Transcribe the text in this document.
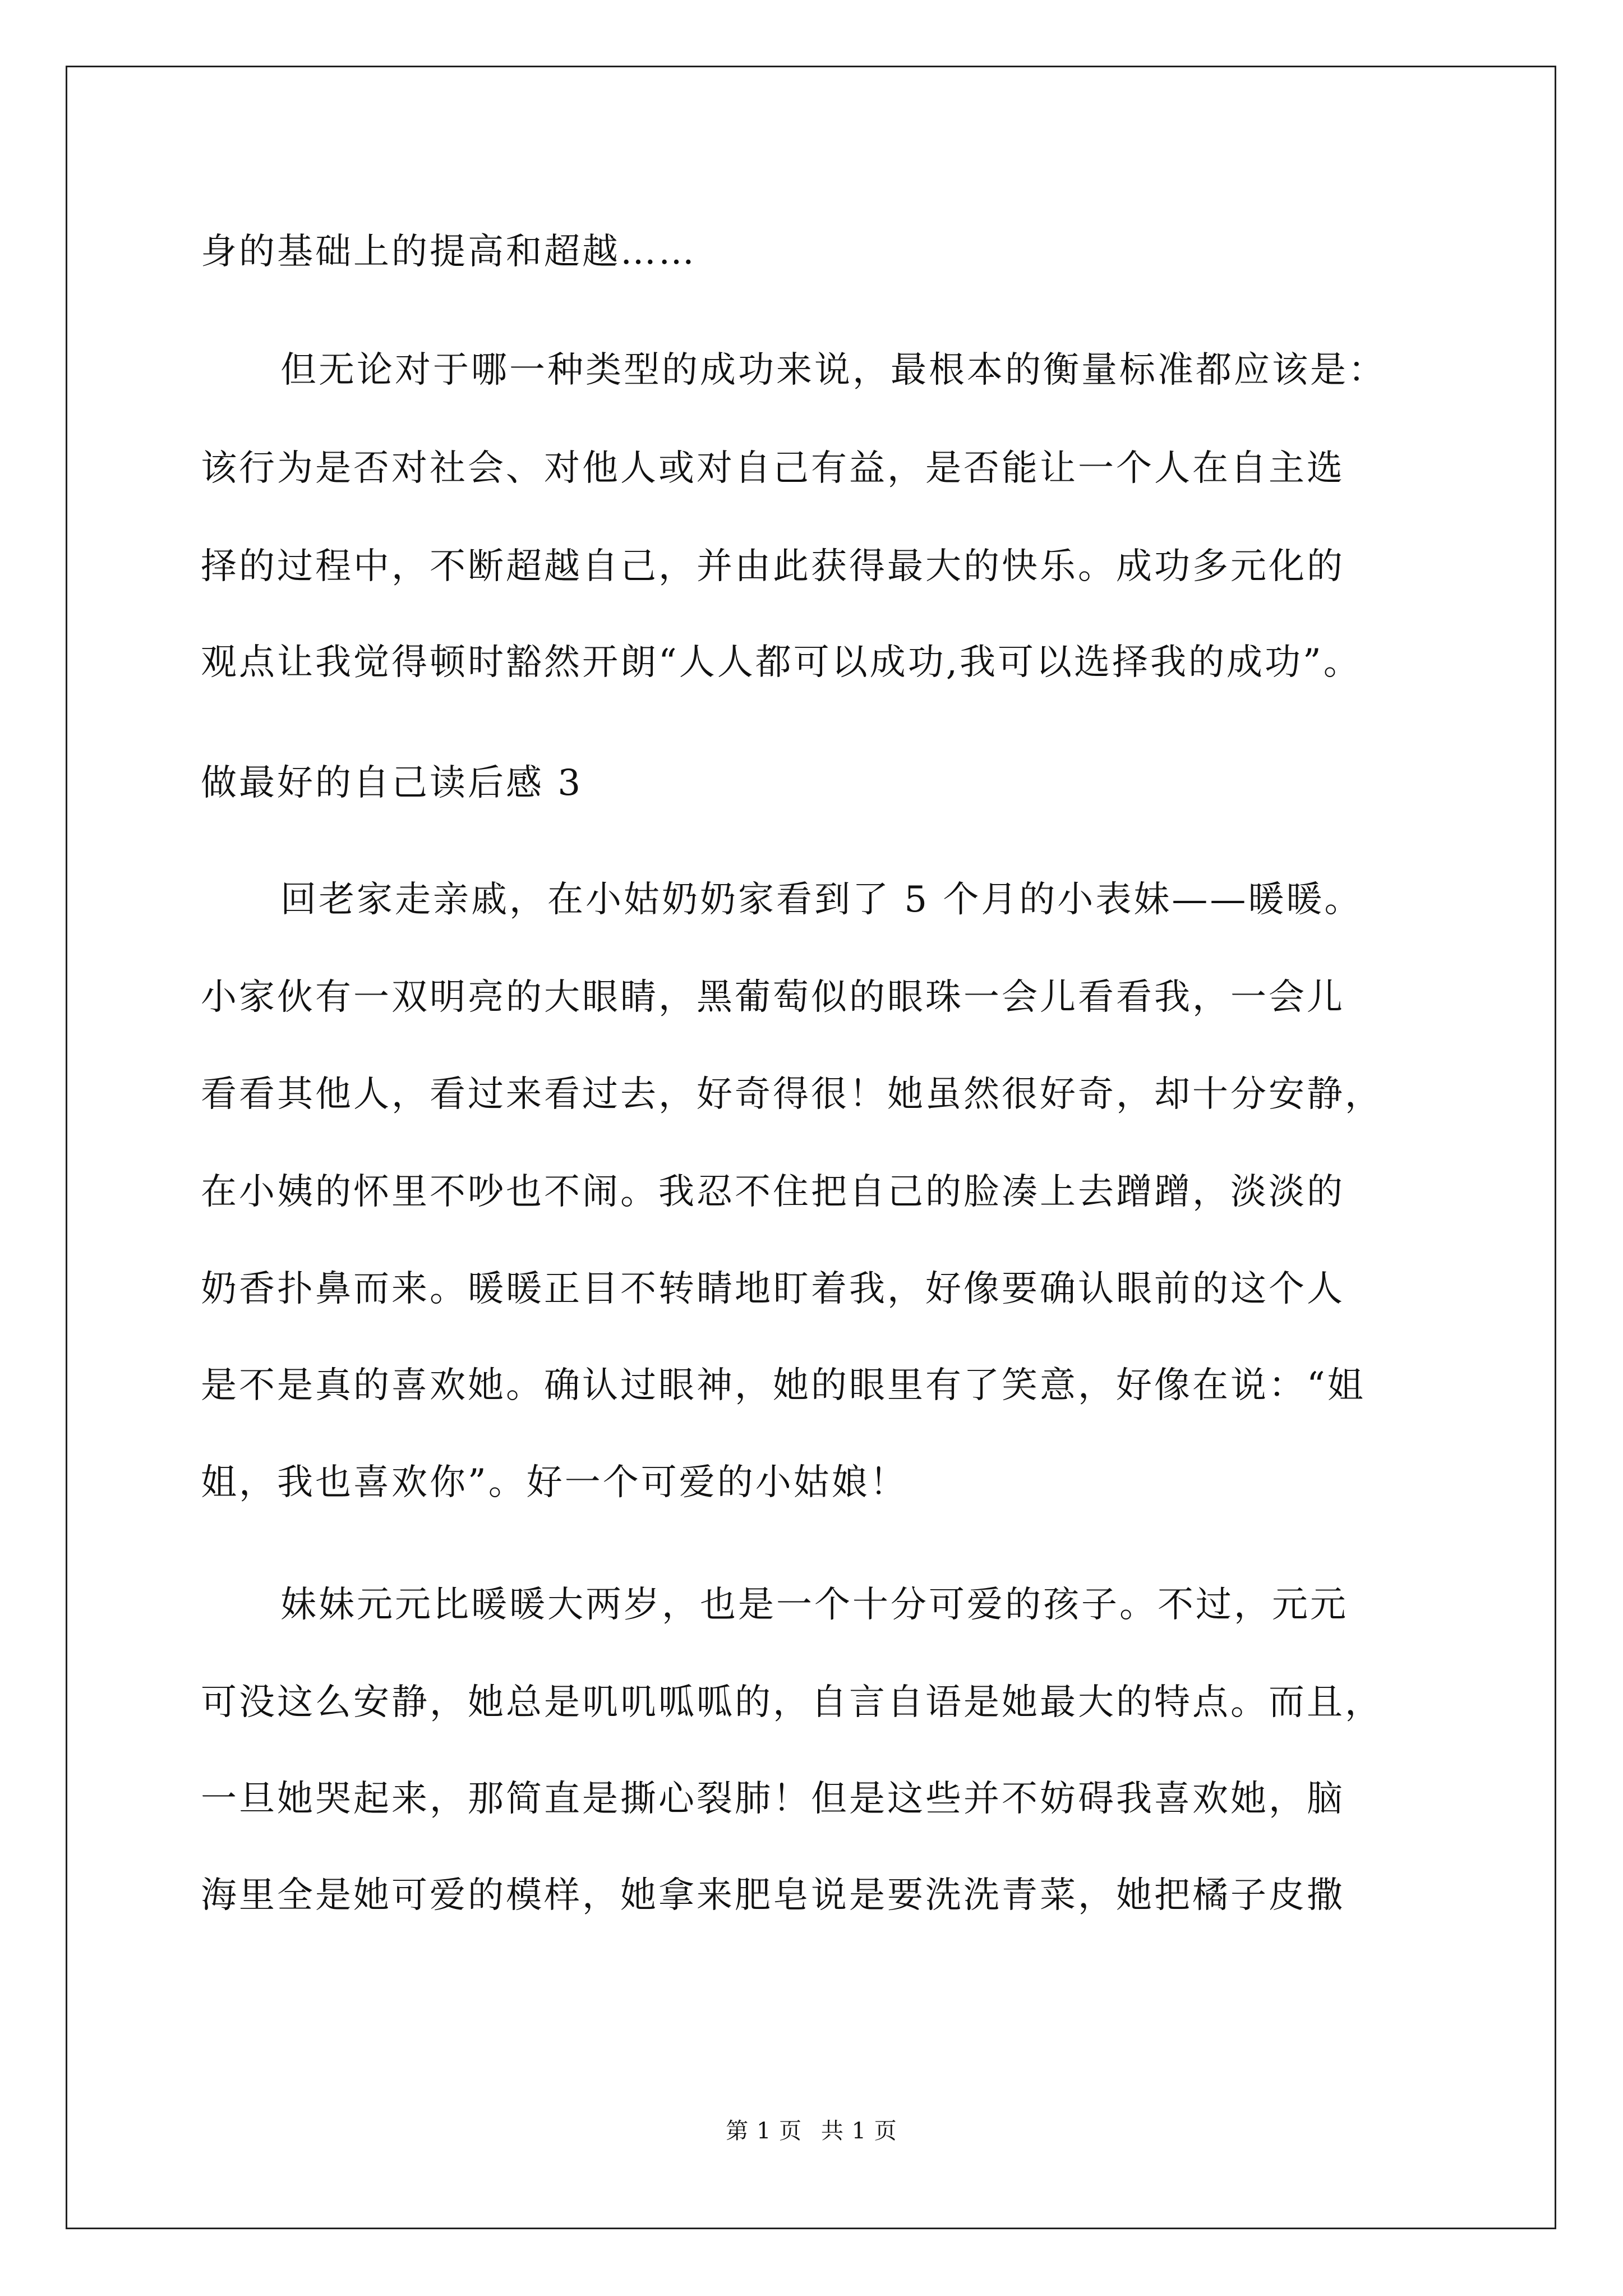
身的基础上的提高和超越……
但无论对于哪一种类型的成功来说，最根本的衡量标准都应该是：
该行为是否对社会、对他人或对自己有益，是否能让一个人在自主选
择的过程中，不断超越自己，并由此获得最大的快乐。成功多元化的
观点让我觉得顿时豁然开朗“人人都可以成功,我可以选择我的成功”。
做最好的自己读后感 3
回老家走亲戚，在小姑奶奶家看到了 5 个月的小表妹——暖暖。
小家伙有一双明亮的大眼睛，黑葡萄似的眼珠一会儿看看我，一会儿
看看其他人，看过来看过去，好奇得很！她虽然很好奇，却十分安静，
在小姨的怀里不吵也不闹。我忍不住把自己的脸凑上去蹭蹭，淡淡的
奶香扑鼻而来。暖暖正目不转睛地盯着我，好像要确认眼前的这个人
是不是真的喜欢她。确认过眼神，她的眼里有了笑意，好像在说：“姐
姐，我也喜欢你”。好一个可爱的小姑娘！
妹妹元元比暖暖大两岁，也是一个十分可爱的孩子。不过，元元
可没这么安静，她总是叽叽呱呱的，自言自语是她最大的特点。而且，
一旦她哭起来，那简直是撕心裂肺！但是这些并不妨碍我喜欢她，脑
海里全是她可爱的模样，她拿来肥皂说是要洗洗青菜，她把橘子皮撒
第 1 页 共 1 页
